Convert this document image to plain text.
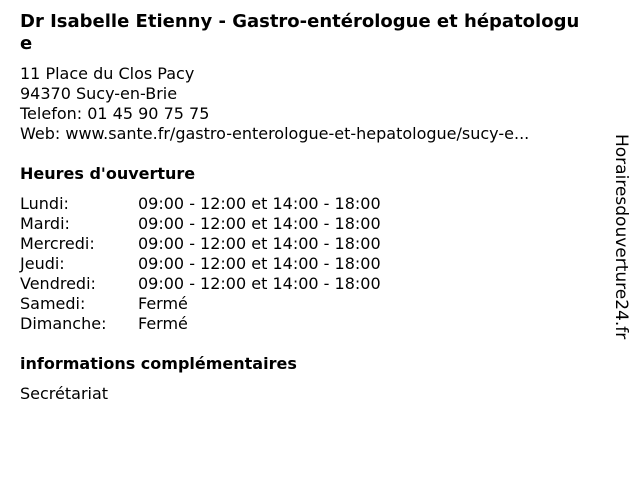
Dr Isabelle Etienny - Gastro-entérologue et hépatologue
11 Place du Clos Pacy
94370 Sucy-en-Brie
Telefon: 01 45 90 75 75
Web: www.sante.fr/gastro-enterologue-et-hepatologue/sucy-e...
Heures d'ouverture
Lundi:	09:00 - 12:00 et 14:00 - 18:00
Mardi:	09:00 - 12:00 et 14:00 - 18:00
Mercredi:	09:00 - 12:00 et 14:00 - 18:00
Jeudi:	09:00 - 12:00 et 14:00 - 18:00
Vendredi:	09:00 - 12:00 et 14:00 - 18:00
Samedi:	Fermé
Dimanche:	Fermé
informations complémentaires
Secrétariat
Horairesdouverture24.fr
